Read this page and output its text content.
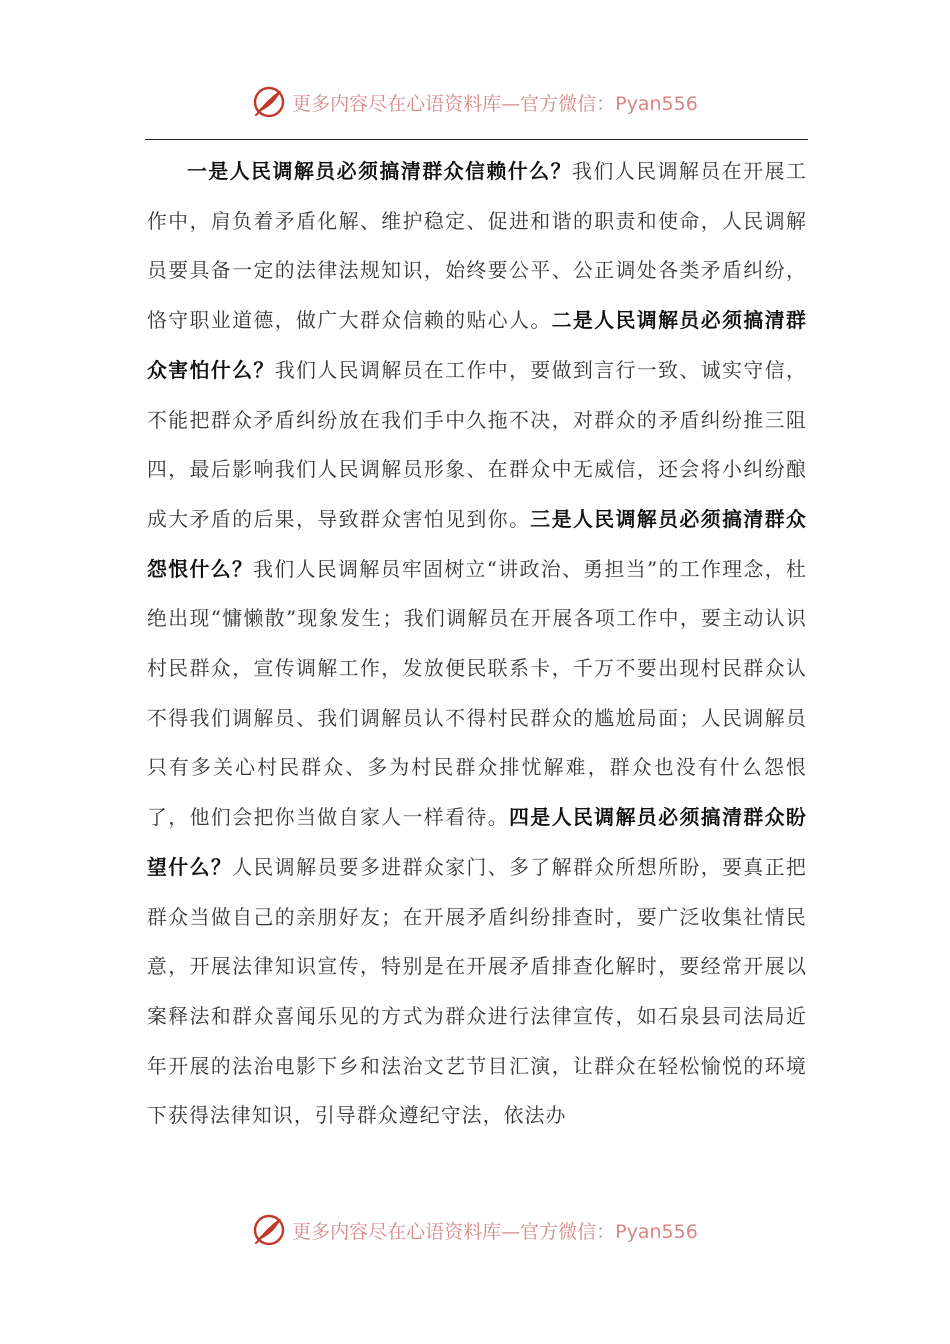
更多内容尽在心语资料库—官方微信：Pyan556

一是人民调解员必须搞清群众信赖什么？我们人民调解员在开展工作中，肩负着矛盾化解、维护稳定、促进和谐的职责和使命，人民调解员要具备一定的法律法规知识，始终要公平、公正调处各类矛盾纠纷，恪守职业道德，做广大群众信赖的贴心人。二是人民调解员必须搞清群众害怕什么？我们人民调解员在工作中，要做到言行一致、诚实守信，不能把群众矛盾纠纷放在我们手中久拖不决，对群众的矛盾纠纷推三阻四，最后影响我们人民调解员形象、在群众中无威信，还会将小纠纷酿成大矛盾的后果，导致群众害怕见到你。三是人民调解员必须搞清群众怨恨什么？我们人民调解员牢固树立“讲政治、勇担当”的工作理念，杜绝出现“慵懒散”现象发生；我们调解员在开展各项工作中，要主动认识村民群众，宣传调解工作，发放便民联系卡，千万不要出现村民群众认不得我们调解员、我们调解员认不得村民群众的尴尬局面；人民调解员只有多关心村民群众、多为村民群众排忧解难，群众也没有什么怨恨了，他们会把你当做自家人一样看待。四是人民调解员必须搞清群众盼望什么？人民调解员要多进群众家门、多了解群众所想所盼，要真正把群众当做自己的亲朋好友；在开展矛盾纠纷排查时，要广泛收集社情民意，开展法律知识宣传，特别是在开展矛盾排查化解时，要经常开展以案释法和群众喜闻乐见的方式为群众进行法律宣传，如石泉县司法局近年开展的法治电影下乡和法治文艺节目汇演，让群众在轻松愉悦的环境下获得法律知识，引导群众遵纪守法，依法办

更多内容尽在心语资料库—官方微信：Pyan556
